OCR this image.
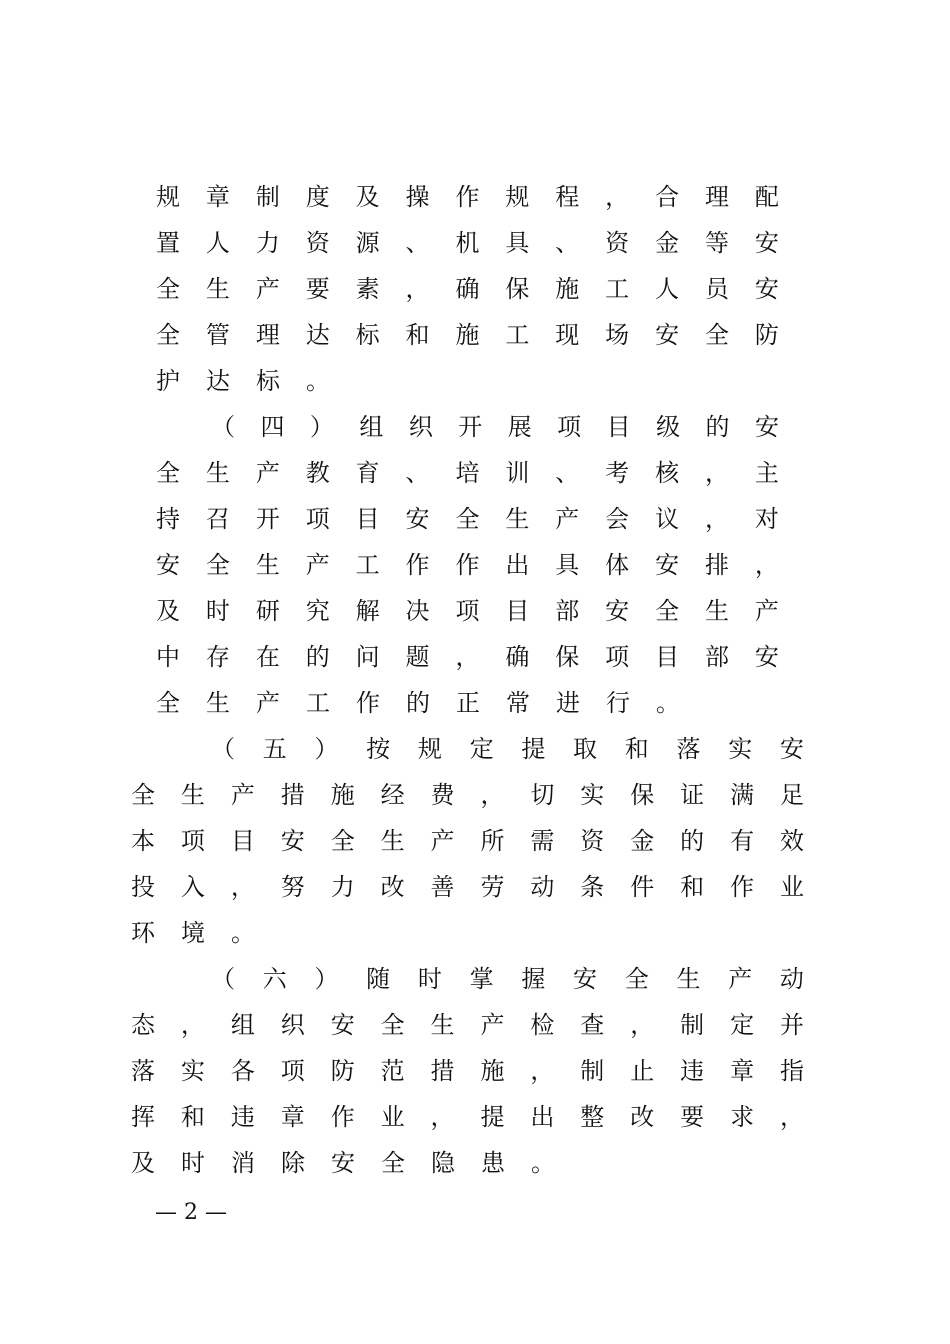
规 章 制 度 及 操 作 规 程 ， 合 理 配
置 人 力 资 源 、 机 具 、 资 金 等 安
全 生 产 要 素 ， 确 保 施 工 人 员 安
全 管 理 达 标 和 施 工 现 场 安 全 防
护 达 标 。
（ 四 ） 组 织 开 展 项 目 级 的 安
全 生 产 教 育 、 培 训 、 考 核 ， 主
持 召 开 项 目 安 全 生 产 会 议 ， 对
安 全 生 产 工 作 作 出 具 体 安 排 ，
及 时 研 究 解 决 项 目 部 安 全 生 产
中 存 在 的 问 题 ， 确 保 项 目 部 安
全 生 产 工 作 的 正 常 进 行 。
（ 五 ） 按 规 定 提 取 和 落 实 安
全 生 产 措 施 经 费 ， 切 实 保 证 满 足
本 项 目 安 全 生 产 所 需 资 金 的 有 效
投 入 ， 努 力 改 善 劳 动 条 件 和 作 业
环 境 。
（ 六 ） 随 时 掌 握 安 全 生 产 动
态 ， 组 织 安 全 生 产 检 查 ， 制 定 并
落 实 各 项 防 范 措 施 ， 制 止 违 章 指
挥 和 违 章 作 业 ， 提 出 整 改 要 求 ，
及 时 消 除 安 全 隐 患 。
— 2 —
